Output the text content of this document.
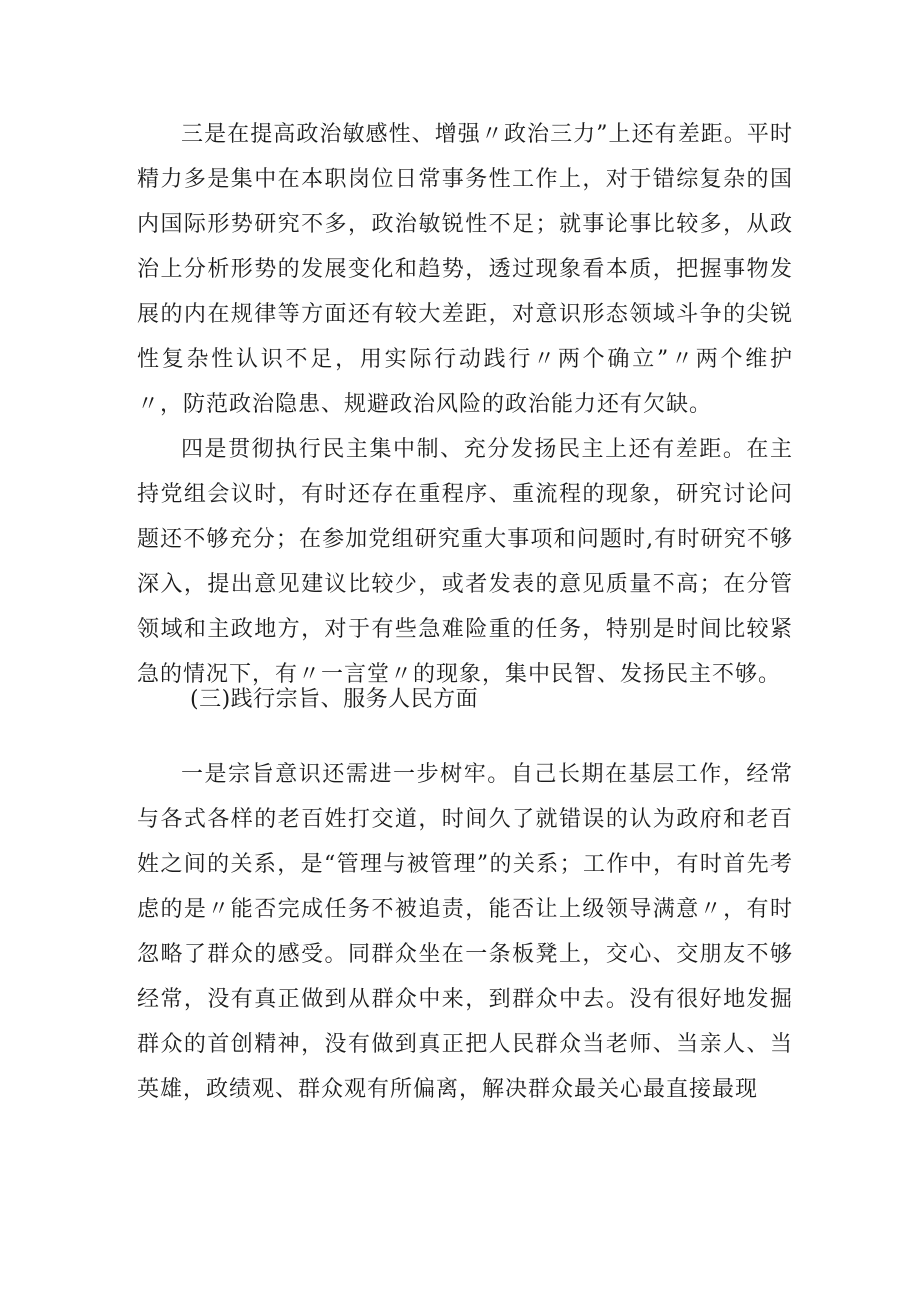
三是在提高政治敏感性、增强〃政治三力”上还有差距。平时精力多是集中在本职岗位日常事务性工作上，对于错综复杂的国内国际形势研究不多，政治敏锐性不足；就事论事比较多，从政治上分析形势的发展变化和趋势，透过现象看本质，把握事物发展的内在规律等方面还有较大差距，对意识形态领域斗争的尖锐性复杂性认识不足，用实际行动践行〃两个确立”〃两个维护〃，防范政治隐患、规避政治风险的政治能力还有欠缺。

四是贯彻执行民主集中制、充分发扬民主上还有差距。在主持党组会议时，有时还存在重程序、重流程的现象，研究讨论问题还不够充分；在参加党组研究重大事项和问题时,有时研究不够深入，提出意见建议比较少，或者发表的意见质量不高；在分管领域和主政地方，对于有些急难险重的任务，特别是时间比较紧急的情况下，有〃一言堂〃的现象，集中民智、发扬民主不够。

(三)践行宗旨、服务人民方面

一是宗旨意识还需进一步树牢。自己长期在基层工作，经常与各式各样的老百姓打交道，时间久了就错误的认为政府和老百姓之间的关系，是“管理与被管理”的关系；工作中，有时首先考虑的是〃能否完成任务不被追责，能否让上级领导满意〃，有时忽略了群众的感受。同群众坐在一条板凳上，交心、交朋友不够经常，没有真正做到从群众中来，到群众中去。没有很好地发掘群众的首创精神，没有做到真正把人民群众当老师、当亲人、当英雄，政绩观、群众观有所偏离，解决群众最关心最直接最现
